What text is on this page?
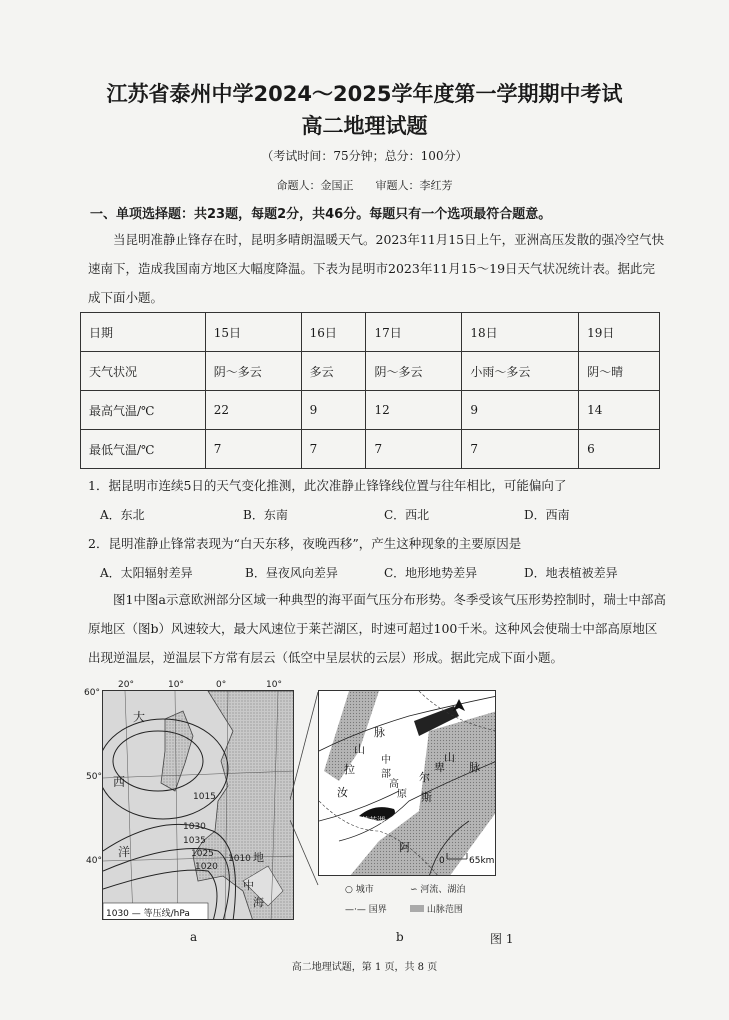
江苏省泰州中学2024～2025学年度第一学期期中考试
高二地理试题
（考试时间：75分钟；总分：100分）
命题人：金国正　　审题人：李红芳
一、单项选择题：共23题，每题2分，共46分。每题只有一个选项最符合题意。
当昆明准静止锋存在时，昆明多晴朗温暖天气。2023年11月15日上午，亚洲高压发散的强冷空气快速南下，造成我国南方地区大幅度降温。下表为昆明市2023年11月15～19日天气状况统计表。据此完成下面小题。
日期	15日	16日	17日	18日	19日
天气状况	阴～多云	多云	阴～多云	小雨～多云	阴～晴
最高气温/℃	22	9	12	9	14
最低气温/℃	7	7	7	7	6
1．据昆明市连续5日的天气变化推测，此次准静止锋锋线位置与往年相比，可能偏向了
A．东北	B．东南	C．西北	D．西南
2．昆明准静止锋常表现为“白天东移，夜晚西移”，产生这种现象的主要原因是
A．太阳辐射差异	B．昼夜风向差异	C．地形地势差异	D．地表植被差异
图1中图a示意欧洲部分区域一种典型的海平面气压分布形势。冬季受该气压形势控制时，瑞士中部高原地区（图b）风速较大，最大风速位于莱芒湖区，时速可超过100千米。这种风会使瑞士中部高原地区出现逆温层，逆温层下方常有层云（低空中呈层状的云层）形成。据此完成下面小题。
1015
1030
1035
1025
1020
1010
大
西
洋	地
中
海
1030 — 等压线/hPa
20°	10°	0°	10°
60°
50°
40°
脉
山
拉
汝
中
部
高
原
尔
卑
斯
山
脉
阿
莱芒湖
0	65km
○ 城市	∽ 河流、湖泊
—·— 国界	山脉范围
a	b	图 1
高二地理试题，第 1 页，共 8 页
